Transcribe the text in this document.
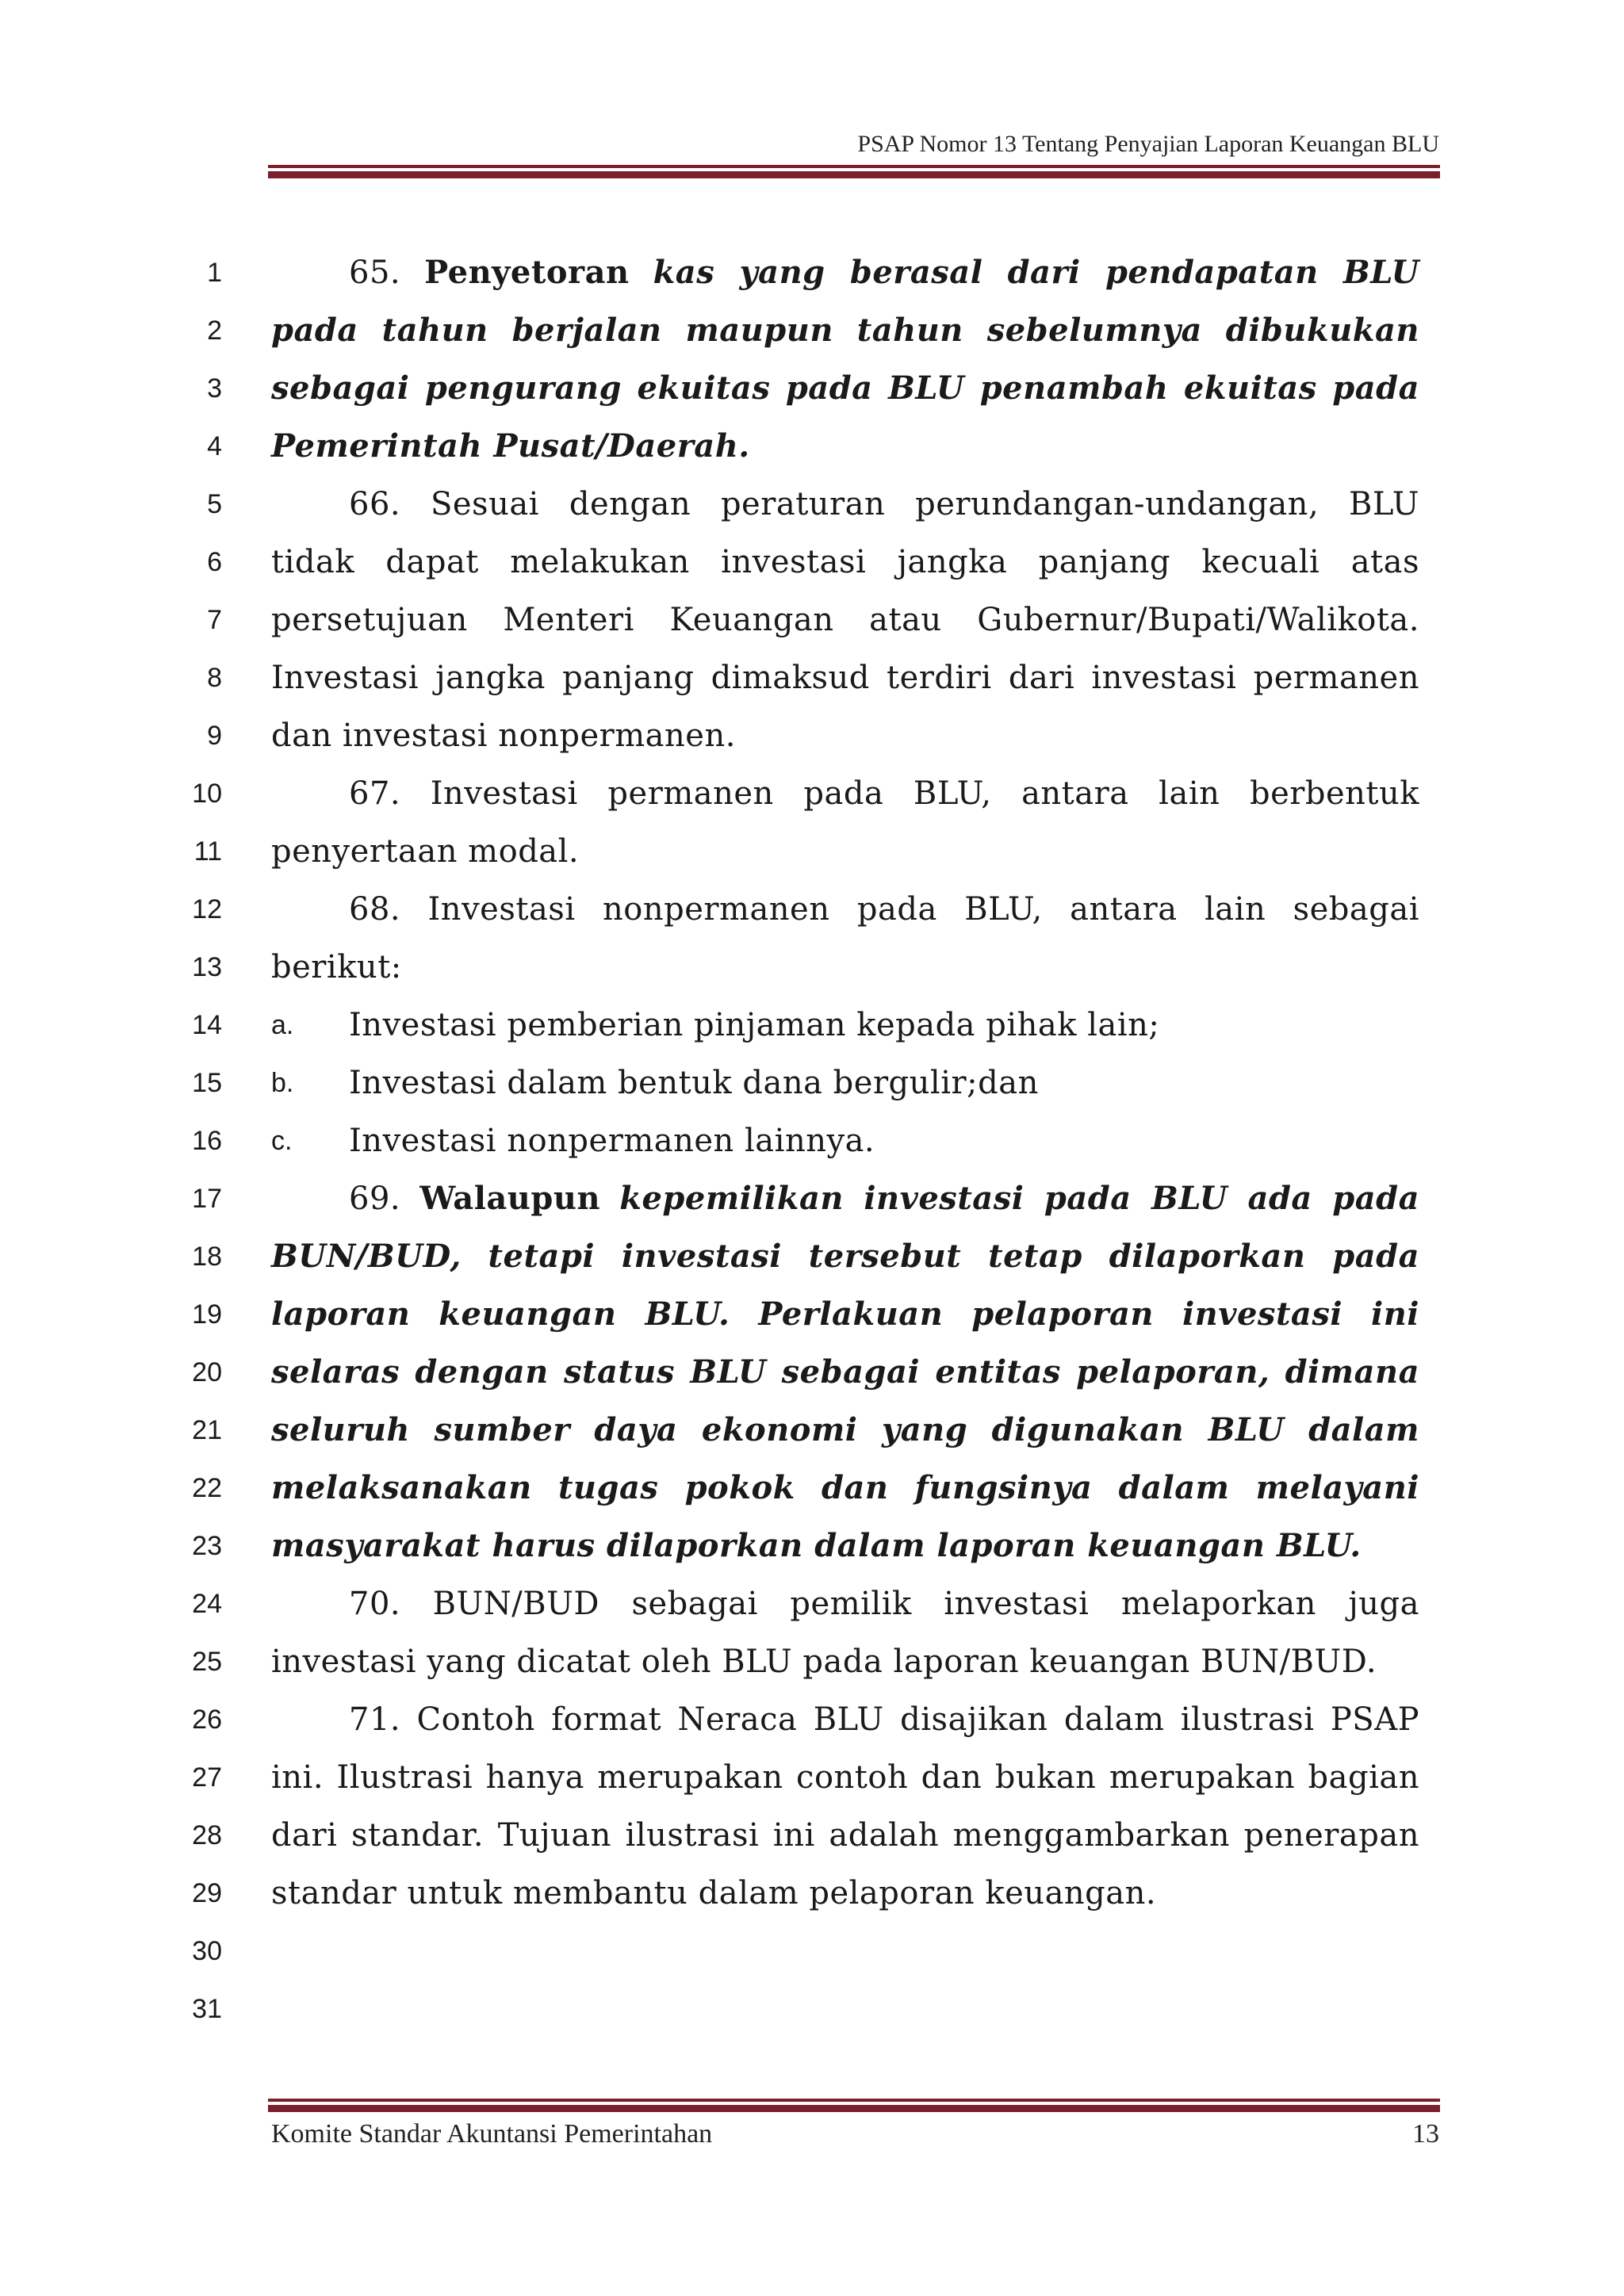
PSAP Nomor 13 Tentang Penyajian Laporan Keuangan BLU
1
2
3
4
5
6
7
8
9
10
11
12
13
14
15
16
17
18
19
20
21
22
23
24
25
26
27
28
29
30
31
65. Penyetoran kas yang berasal dari pendapatan BLU
pada tahun berjalan maupun tahun sebelumnya dibukukan
sebagai pengurang ekuitas pada BLU penambah ekuitas pada
Pemerintah Pusat/Daerah.
66. Sesuai dengan peraturan perundangan-undangan, BLU
tidak dapat melakukan investasi jangka panjang kecuali atas
persetujuan Menteri Keuangan atau Gubernur/Bupati/Walikota.
Investasi jangka panjang dimaksud terdiri dari investasi permanen
dan investasi nonpermanen.
67. Investasi permanen pada BLU, antara lain berbentuk
penyertaan modal.
68. Investasi nonpermanen pada BLU, antara lain sebagai
berikut:
a. Investasi pemberian pinjaman kepada pihak lain;
b. Investasi dalam bentuk dana bergulir;dan
c. Investasi nonpermanen lainnya.
69. Walaupun kepemilikan investasi pada BLU ada pada
BUN/BUD, tetapi investasi tersebut tetap dilaporkan pada
laporan keuangan BLU. Perlakuan pelaporan investasi ini
selaras dengan status BLU sebagai entitas pelaporan, dimana
seluruh sumber daya ekonomi yang digunakan BLU dalam
melaksanakan tugas pokok dan fungsinya dalam melayani
masyarakat harus dilaporkan dalam laporan keuangan BLU.
70. BUN/BUD sebagai pemilik investasi melaporkan juga
investasi yang dicatat oleh BLU pada laporan keuangan BUN/BUD.
71. Contoh format Neraca BLU disajikan dalam ilustrasi PSAP
ini. Ilustrasi hanya merupakan contoh dan bukan merupakan bagian
dari standar. Tujuan ilustrasi ini adalah menggambarkan penerapan
standar untuk membantu dalam pelaporan keuangan.
Komite Standar Akuntansi Pemerintahan	13
